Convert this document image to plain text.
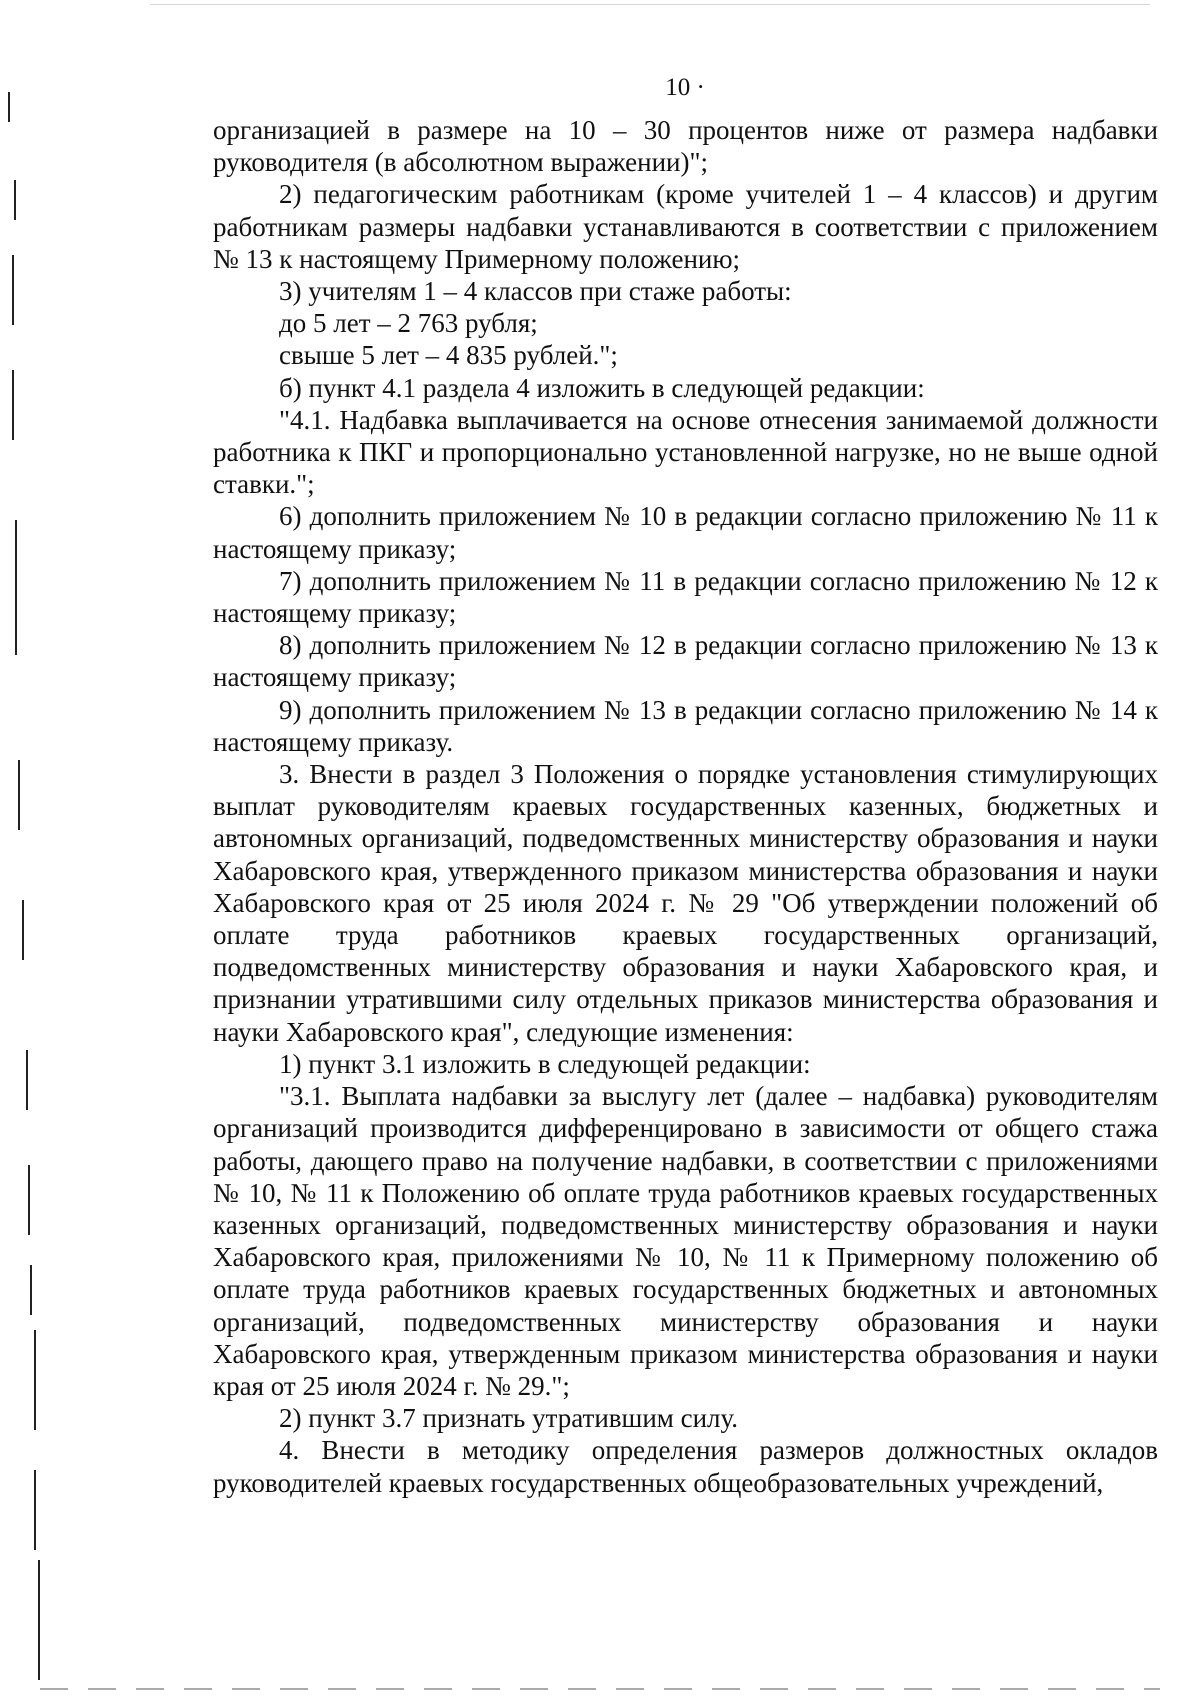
10 ·

организацией в размере на 10 – 30 процентов ниже от размера надбавки руководителя (в абсолютном выражении)";

2) педагогическим работникам (кроме учителей 1 – 4 классов) и другим работникам размеры надбавки устанавливаются в соответствии с приложением № 13 к настоящему Примерному положению;

3) учителям 1 – 4 классов при стаже работы:

до 5 лет – 2 763 рубля;

свыше 5 лет – 4 835 рублей.";

б) пункт 4.1 раздела 4 изложить в следующей редакции:

"4.1. Надбавка выплачивается на основе отнесения занимаемой должности работника к ПКГ и пропорционально установленной нагрузке, но не выше одной ставки.";

6) дополнить приложением № 10 в редакции согласно приложению № 11 к настоящему приказу;

7) дополнить приложением № 11 в редакции согласно приложению № 12 к настоящему приказу;

8) дополнить приложением № 12 в редакции согласно приложению № 13 к настоящему приказу;

9) дополнить приложением № 13 в редакции согласно приложению № 14 к настоящему приказу.

3. Внести в раздел 3 Положения о порядке установления стимулирующих выплат руководителям краевых государственных казенных, бюджетных и автономных организаций, подведомственных министерству образования и науки Хабаровского края, утвержденного приказом министерства образования и науки Хабаровского края от 25 июля 2024 г. № 29 "Об утверждении положений об оплате труда работников краевых государственных организаций, подведомственных министерству образования и науки Хабаровского края, и признании утратившими силу отдельных приказов министерства образования и науки Хабаровского края", следующие изменения:

1) пункт 3.1 изложить в следующей редакции:

"3.1. Выплата надбавки за выслугу лет (далее – надбавка) руководителям организаций производится дифференцировано в зависимости от общего стажа работы, дающего право на получение надбавки, в соответствии с приложениями № 10, № 11 к Положению об оплате труда работников краевых государственных казенных организаций, подведомственных министерству образования и науки Хабаровского края, приложениями № 10, № 11 к Примерному положению об оплате труда работников краевых государственных бюджетных и автономных организаций, подведомственных министерству образования и науки Хабаровского края, утвержденным приказом министерства образования и науки края от 25 июля 2024 г. № 29.";

2) пункт 3.7 признать утратившим силу.

4. Внести в методику определения размеров должностных окладов руководителей краевых государственных общеобразовательных учреждений,
